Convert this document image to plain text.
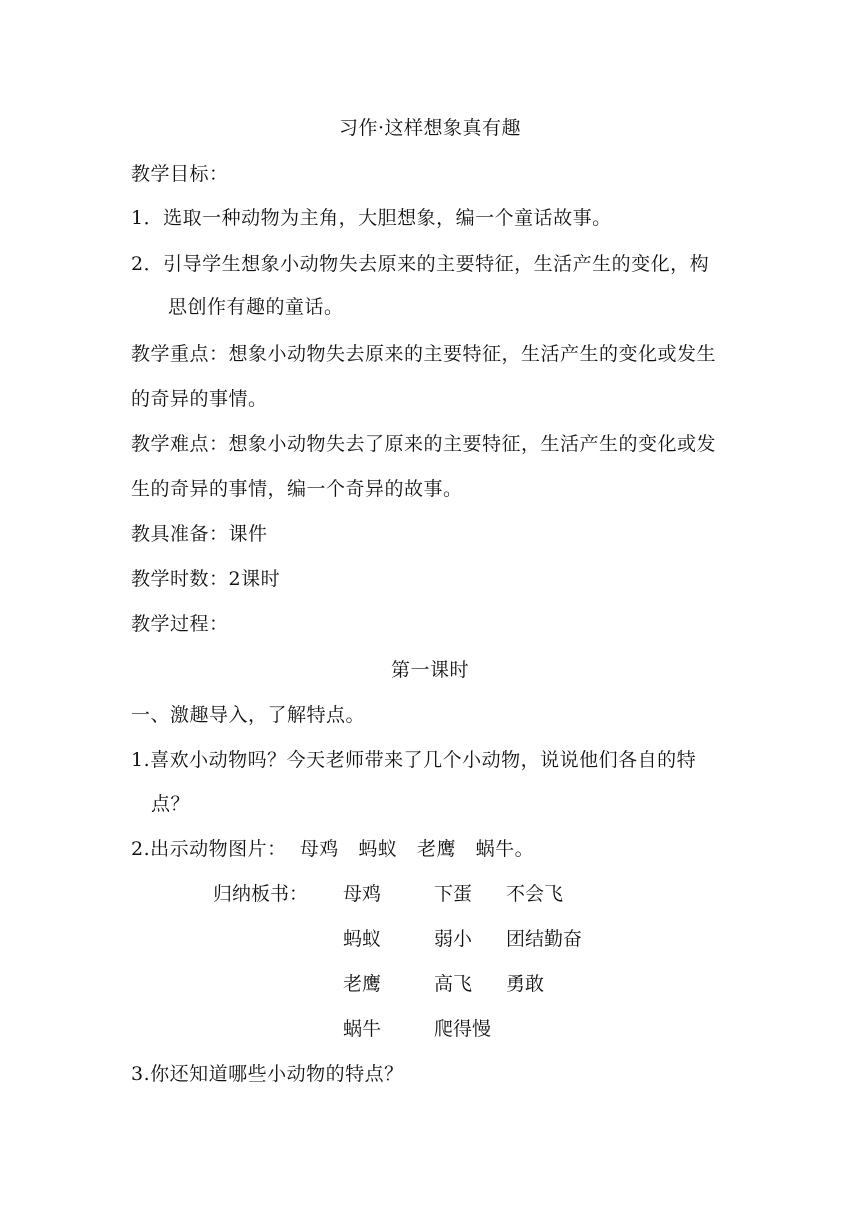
习作·这样想象真有趣
教学目标：
1．选取一种动物为主角，大胆想象，编一个童话故事。
2．引导学生想象小动物失去原来的主要特征，生活产生的变化，构
思创作有趣的童话。
教学重点：想象小动物失去原来的主要特征，生活产生的变化或发生
的奇异的事情。
教学难点：想象小动物失去了原来的主要特征，生活产生的变化或发
生的奇异的事情，编一个奇异的故事。
教具准备：课件
教学时数：2课时
教学过程：
第一课时
一、激趣导入，了解特点。
1.喜欢小动物吗？今天老师带来了几个小动物，说说他们各自的特
点？
2.出示动物图片：  母鸡   蚂蚁   老鹰   蜗牛。
归纳板书： 母鸡	下蛋 不会飞
蚂蚁	弱小 团结勤奋
老鹰	高飞 勇敢
蜗牛	爬得慢
3.你还知道哪些小动物的特点？
